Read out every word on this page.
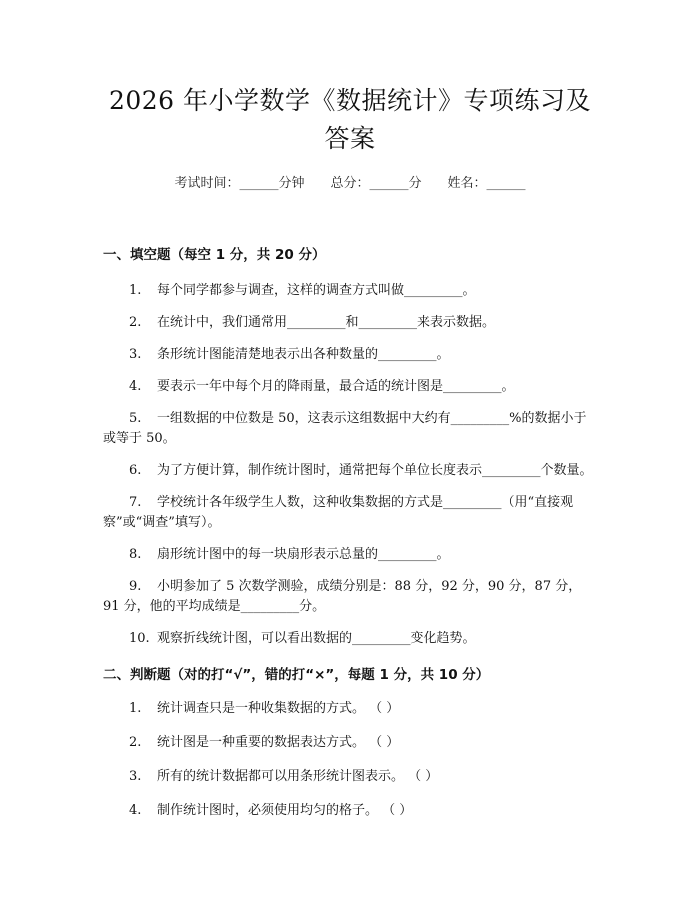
2026 年小学数学《数据统计》专项练习及答案
考试时间：______分钟 总分：______分 姓名：______
一、填空题（每空 1 分，共 20 分）
1. 每个同学都参与调查，这样的调查方式叫做_________。
2. 在统计中，我们通常用_________和_________来表示数据。
3. 条形统计图能清楚地表示出各种数量的_________。
4. 要表示一年中每个月的降雨量，最合适的统计图是_________。
5. 一组数据的中位数是 50，这表示这组数据中大约有_________%的数据小于或等于 50。
6. 为了方便计算，制作统计图时，通常把每个单位长度表示_________个数量。
7. 学校统计各年级学生人数，这种收集数据的方式是_________（用“直接观察”或“调查”填写）。
8. 扇形统计图中的每一块扇形表示总量的_________。
9. 小明参加了 5 次数学测验，成绩分别是：88 分，92 分，90 分，87 分，91 分，他的平均成绩是_________分。
10. 观察折线统计图，可以看出数据的_________变化趋势。
二、判断题（对的打“√”，错的打“×”，每题 1 分，共 10 分）
1. 统计调查只是一种收集数据的方式。 （ ）
2. 统计图是一种重要的数据表达方式。 （ ）
3. 所有的统计数据都可以用条形统计图表示。 （ ）
4. 制作统计图时，必须使用均匀的格子。 （ ）
